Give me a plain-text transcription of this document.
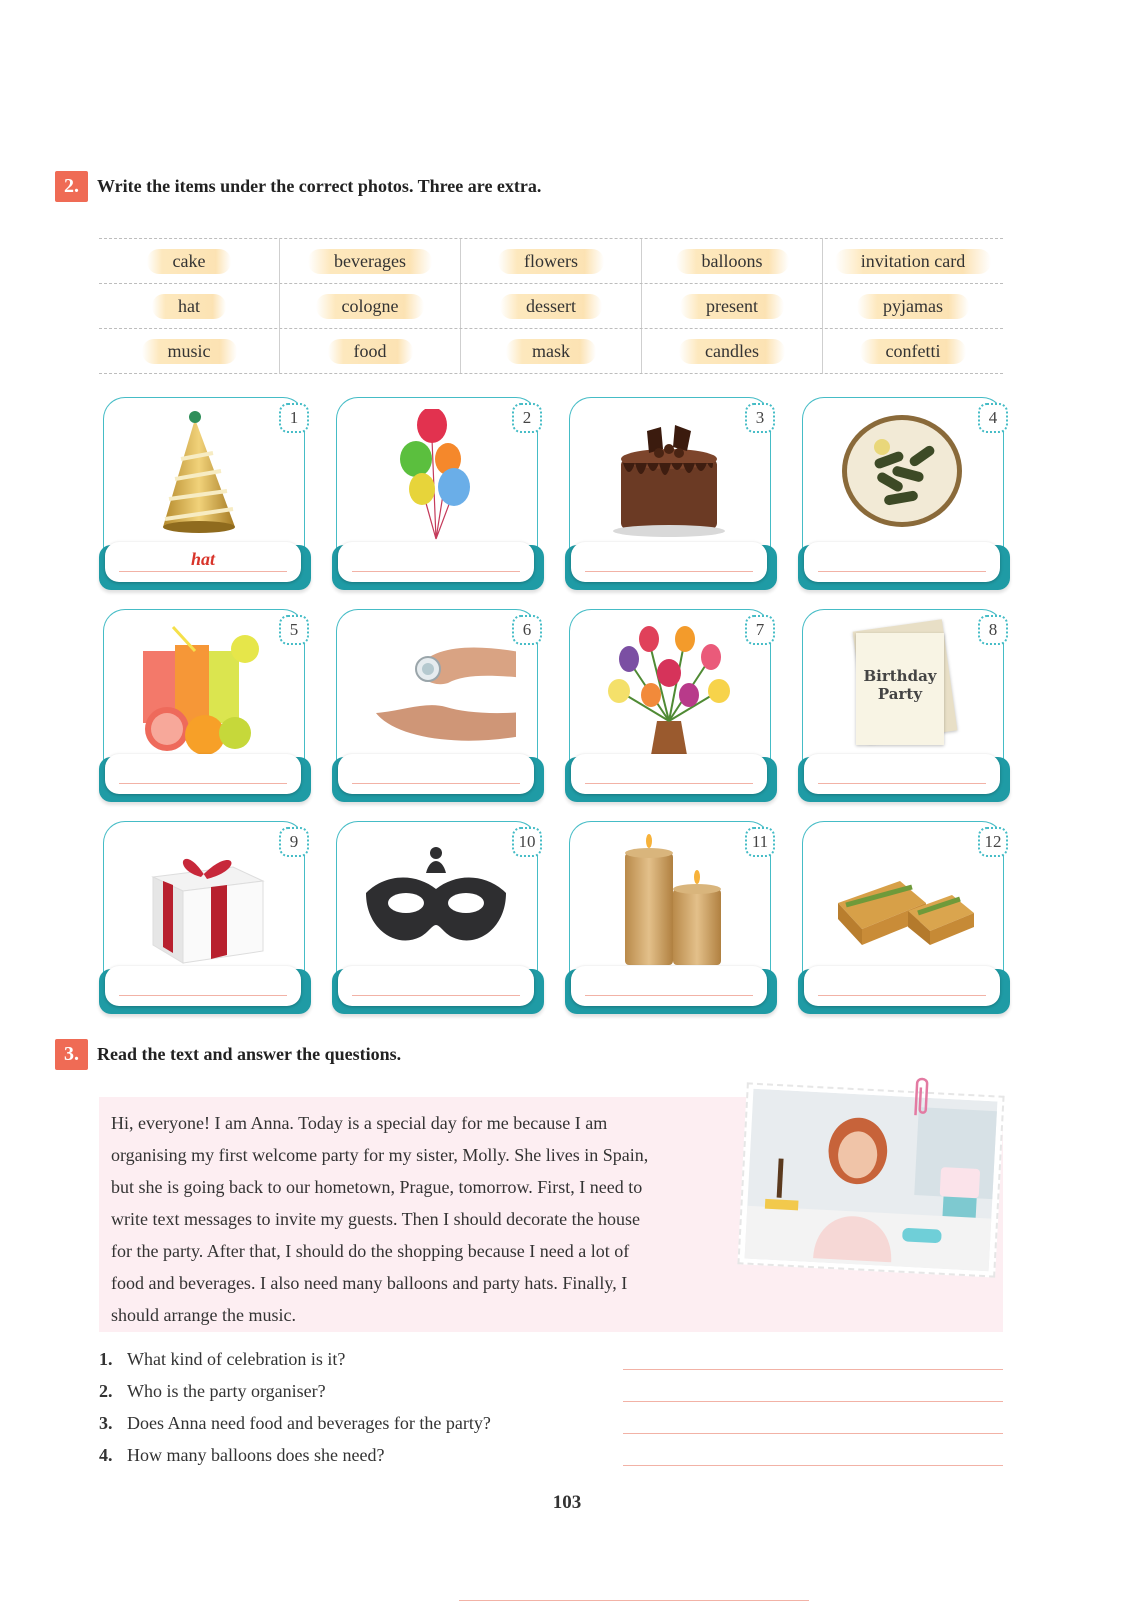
2.	Write the items under the correct photos. Three are extra.
cake	beverages	flowers	balloons	invitation card
hat	cologne	dessert	present	pyjamas
music	food	mask	candles	confetti
1
hat
2	3	4
5	6	7	8
Birthday
Party
9	10	11	12
3.	Read the text and answer the questions.
Hi, everyone! I am Anna. Today is a special day for me because I am
organising my first welcome party for my sister, Molly. She lives in Spain,
but she is going back to our hometown, Prague, tomorrow. First, I need to
write text messages to invite my guests. Then I should decorate the house
for the party. After that, I should do the shopping because I need a lot of
food and beverages. I also need many balloons and party hats. Finally, I
should arrange the music.
1. What kind of celebration is it?
2. Who is the party organiser?
3. Does Anna need food and beverages for the party?
4. How many balloons does she need?
103
